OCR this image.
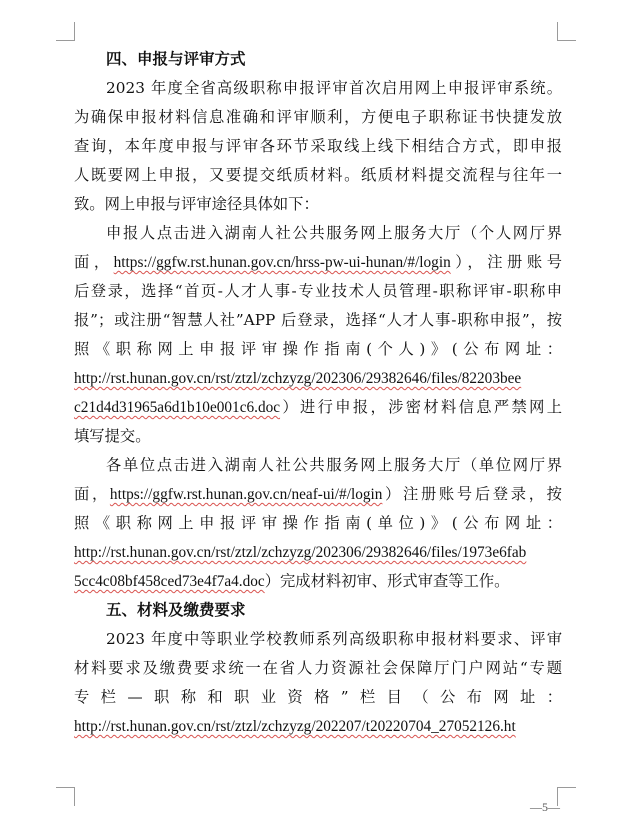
四、申报与评审方式
2023 年度全省高级职称申报评审首次启用网上申报评审系统。
为确保申报材料信息准确和评审顺利，方便电子职称证书快捷发放
查询，本年度申报与评审各环节采取线上线下相结合方式，即申报
人既要网上申报，又要提交纸质材料。纸质材料提交流程与往年一
致。网上申报与评审途径具体如下：
申报人点击进入湖南人社公共服务网上服务大厅（个人网厅界
面，https://ggfw.rst.hunan.gov.cn/hrss-pw-ui-hunan/#/login），注册账号
后登录，选择“首页-人才人事-专业技术人员管理-职称评审-职称申
报”；或注册“智慧人社”APP 后登录，选择“人才人事-职称申报”，按
照《职称网上申报评审操作指南(个人)》(公布网址：
http://rst.hunan.gov.cn/rst/ztzl/zchzyzg/202306/29382646/files/82203bee
c21d4d31965a6d1b10e001c6.doc）进行申报，涉密材料信息严禁网上
填写提交。
各单位点击进入湖南人社公共服务网上服务大厅（单位网厅界
面，https://ggfw.rst.hunan.gov.cn/neaf-ui/#/login）注册账号后登录，按
照《职称网上申报评审操作指南(单位)》(公布网址：
http://rst.hunan.gov.cn/rst/ztzl/zchzyzg/202306/29382646/files/1973e6fab
5cc4c08bf458ced73e4f7a4.doc）完成材料初审、形式审查等工作。
五、材料及缴费要求
2023 年度中等职业学校教师系列高级职称申报材料要求、评审
材料要求及缴费要求统一在省人力资源社会保障厅门户网站“专题
专栏—职称和职业资格”栏目（公布网址：
http://rst.hunan.gov.cn/rst/ztzl/zchzyzg/202207/t20220704_27052126.ht
—5—
